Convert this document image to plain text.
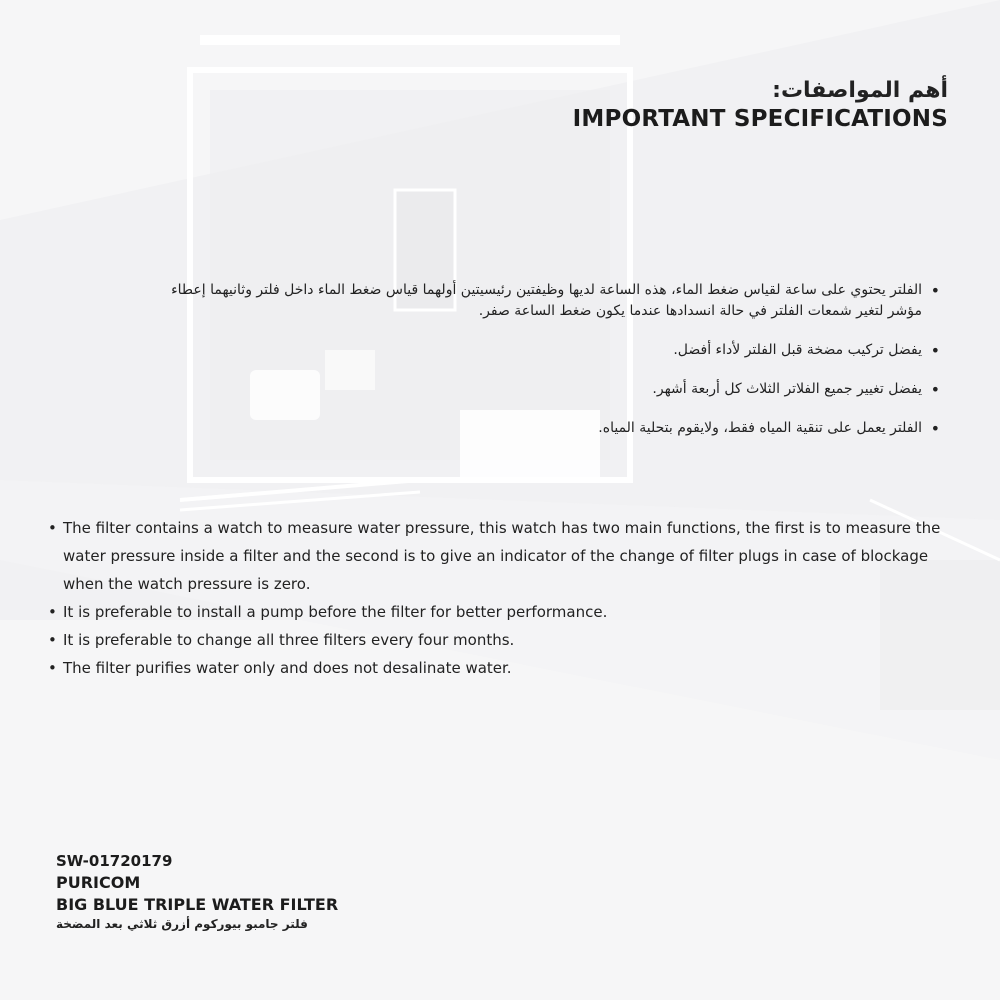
أهم المواصفات:
IMPORTANT SPECIFICATIONS
• الفلتر يحتوي على ساعة لقياس ضغط الماء، هذه الساعة لديها وظيفتين رئيسيتين أولهما قياس ضغط الماء داخل فلتر وثانيهما إعطاء مؤشر لتغير شمعات الفلتر في حالة انسدادها عندما يكون ضغط الساعة صفر.
• يفضل تركيب مضخة قبل الفلتر لأداء أفضل.
• يفضل تغيير جميع الفلاتر الثلاث كل أربعة أشهر.
• الفلتر يعمل على تنقية المياه فقط، ولايقوم بتحلية المياه.
• The filter contains a watch to measure water pressure, this watch has two main functions, the first is to measure the water pressure inside a filter and the second is to give an indicator of the change of filter plugs in case of blockage when the watch pressure is zero.
• It is preferable to install a pump before the filter for better performance.
• It is preferable to change all three filters every four months.
• The filter purifies water only and does not desalinate water.
SW-01720179
PURICOM
BIG BLUE TRIPLE WATER FILTER
فلتر جامبو بيوركوم أزرق ثلاثي بعد المضخة
